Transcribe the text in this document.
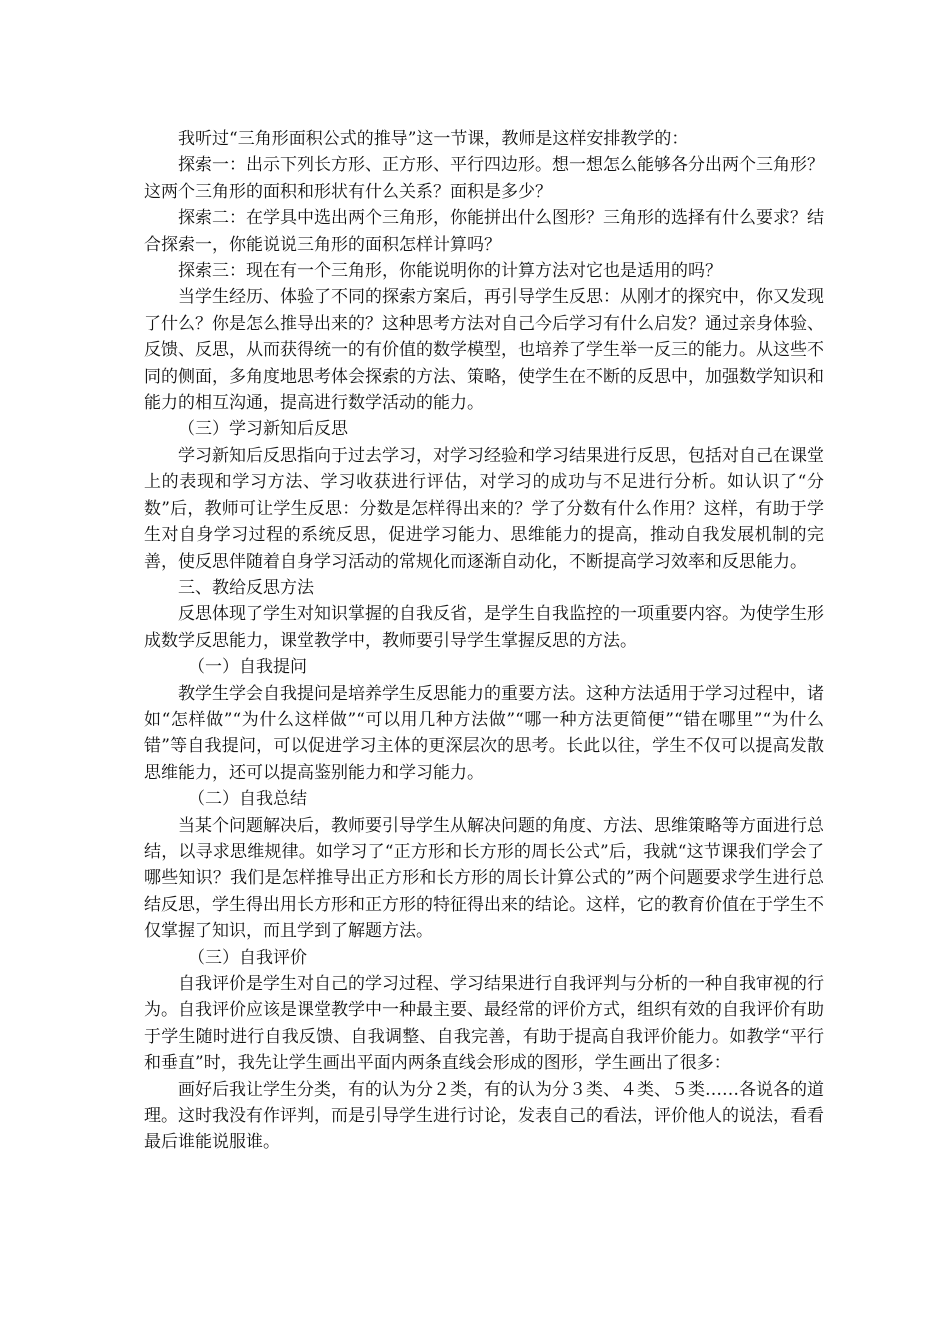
我听过“三角形面积公式的推导”这一节课，教师是这样安排教学的：

探索一：出示下列长方形、正方形、平行四边形。想一想怎么能够各分出两个三角形？这两个三角形的面积和形状有什么关系？面积是多少？

探索二：在学具中选出两个三角形，你能拼出什么图形？三角形的选择有什么要求？结合探索一，你能说说三角形的面积怎样计算吗？

探索三：现在有一个三角形，你能说明你的计算方法对它也是适用的吗？

当学生经历、体验了不同的探索方案后，再引导学生反思：从刚才的探究中，你又发现了什么？你是怎么推导出来的？这种思考方法对自己今后学习有什么启发？通过亲身体验、反馈、反思，从而获得统一的有价值的数学模型，也培养了学生举一反三的能力。从这些不同的侧面，多角度地思考体会探索的方法、策略，使学生在不断的反思中，加强数学知识和能力的相互沟通，提高进行数学活动的能力。

（三）学习新知后反思

学习新知后反思指向于过去学习，对学习经验和学习结果进行反思，包括对自己在课堂上的表现和学习方法、学习收获进行评估，对学习的成功与不足进行分析。如认识了“分数”后，教师可让学生反思：分数是怎样得出来的？学了分数有什么作用？这样，有助于学生对自身学习过程的系统反思，促进学习能力、思维能力的提高，推动自我发展机制的完善，使反思伴随着自身学习活动的常规化而逐渐自动化，不断提高学习效率和反思能力。

三、教给反思方法

反思体现了学生对知识掌握的自我反省，是学生自我监控的一项重要内容。为使学生形成数学反思能力，课堂教学中，教师要引导学生掌握反思的方法。

（一）自我提问

教学生学会自我提问是培养学生反思能力的重要方法。这种方法适用于学习过程中，诸如“怎样做”“为什么这样做”“可以用几种方法做”“哪一种方法更简便”“错在哪里”“为什么错”等自我提问，可以促进学习主体的更深层次的思考。长此以往，学生不仅可以提高发散思维能力，还可以提高鉴别能力和学习能力。

（二）自我总结

当某个问题解决后，教师要引导学生从解决问题的角度、方法、思维策略等方面进行总结，以寻求思维规律。如学习了“正方形和长方形的周长公式”后，我就“这节课我们学会了哪些知识？我们是怎样推导出正方形和长方形的周长计算公式的”两个问题要求学生进行总结反思，学生得出用长方形和正方形的特征得出来的结论。这样，它的教育价值在于学生不仅掌握了知识，而且学到了解题方法。

（三）自我评价

自我评价是学生对自己的学习过程、学习结果进行自我评判与分析的一种自我审视的行为。自我评价应该是课堂教学中一种最主要、最经常的评价方式，组织有效的自我评价有助于学生随时进行自我反馈、自我调整、自我完善，有助于提高自我评价能力。如教学“平行和垂直”时，我先让学生画出平面内两条直线会形成的图形，学生画出了很多：

画好后我让学生分类，有的认为分２类，有的认为分３类、４类、５类……各说各的道理。这时我没有作评判，而是引导学生进行讨论，发表自己的看法，评价他人的说法，看看最后谁能说服谁。
